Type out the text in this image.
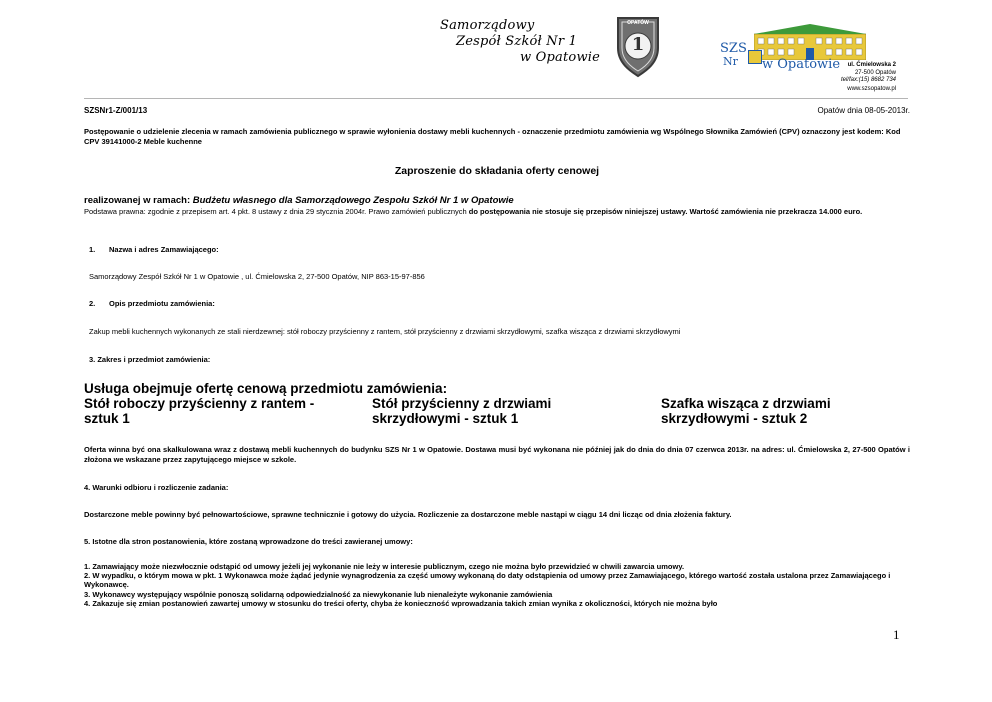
Samorządowy
Zespół Szkół Nr 1
w Opatowie
OPATÓW
1	SZS
Nr w Opatowie	ul. Ćmielowska 2
27-500 Opatów
tel/fax:(15) 8682 734
www.szsopatow.pl
SZSNr1-Z/001/13	Opatów dnia 08-05-2013r.
Postępowanie o udzielenie zlecenia w ramach zamówienia publicznego w sprawie wyłonienia dostawy mebli kuchennych - oznaczenie przedmiotu zamówienia wg Wspólnego Słownika Zamówień (CPV) oznaczony jest kodem: Kod CPV 39141000-2 Meble kuchenne
Zaproszenie do składania oferty cenowej
realizowanej w ramach: Budżetu własnego dla Samorządowego Zespołu Szkół Nr 1 w Opatowie
Podstawa prawna: zgodnie z przepisem art. 4 pkt. 8 ustawy z dnia 29 stycznia 2004r. Prawo zamówień publicznych do postępowania nie stosuje się przepisów niniejszej ustawy. Wartość zamówienia nie przekracza 14.000 euro.
1. Nazwa i adres Zamawiającego:
Samorządowy Zespół Szkół Nr 1 w Opatowie , ul. Ćmielowska 2, 27-500 Opatów, NIP 863-15-97-856
2. Opis przedmiotu zamówienia:
Zakup mebli kuchennych wykonanych ze stali nierdzewnej: stół roboczy przyścienny z rantem, stół przyścienny z drzwiami skrzydłowymi, szafka wisząca z drzwiami skrzydłowymi
3. Zakres i przedmiot zamówienia:
Usługa obejmuje ofertę cenową przedmiotu zamówienia:
Stół roboczy przyścienny z rantem -
sztuk 1
Stół przyścienny z drzwiami
skrzydłowymi - sztuk 1
Szafka wisząca z drzwiami
skrzydłowymi - sztuk 2
Oferta winna być ona skalkulowana wraz z dostawą mebli kuchennych do budynku SZS Nr 1 w Opatowie. Dostawa musi być wykonana nie później jak do dnia do dnia 07 czerwca 2013r. na adres: ul. Ćmielowska 2, 27-500 Opatów i złożona we wskazane przez zapytującego miejsce w szkole.
4. Warunki odbioru i rozliczenie zadania:
Dostarczone meble powinny być pełnowartościowe, sprawne technicznie i gotowy do użycia. Rozliczenie za dostarczone meble nastąpi w ciągu 14 dni licząc od dnia złożenia faktury.
5. Istotne dla stron postanowienia, które zostaną wprowadzone do treści zawieranej umowy:
1. Zamawiający może niezwłocznie odstąpić od umowy jeżeli jej wykonanie nie leży w interesie publicznym, czego nie można było przewidzieć w chwili zawarcia umowy.
2. W wypadku, o którym mowa w pkt. 1 Wykonawca może żądać jedynie wynagrodzenia za część umowy wykonaną do daty odstąpienia od umowy przez Zamawiającego, którego wartość została ustalona przez Zamawiającego i Wykonawcę.
3. Wykonawcy występujący wspólnie ponoszą solidarną odpowiedzialność za niewykonanie lub nienależyte wykonanie zamówienia
4. Zakazuje się zmian postanowień zawartej umowy w stosunku do treści oferty, chyba że konieczność wprowadzania takich zmian wynika z okoliczności, których nie można było
1
